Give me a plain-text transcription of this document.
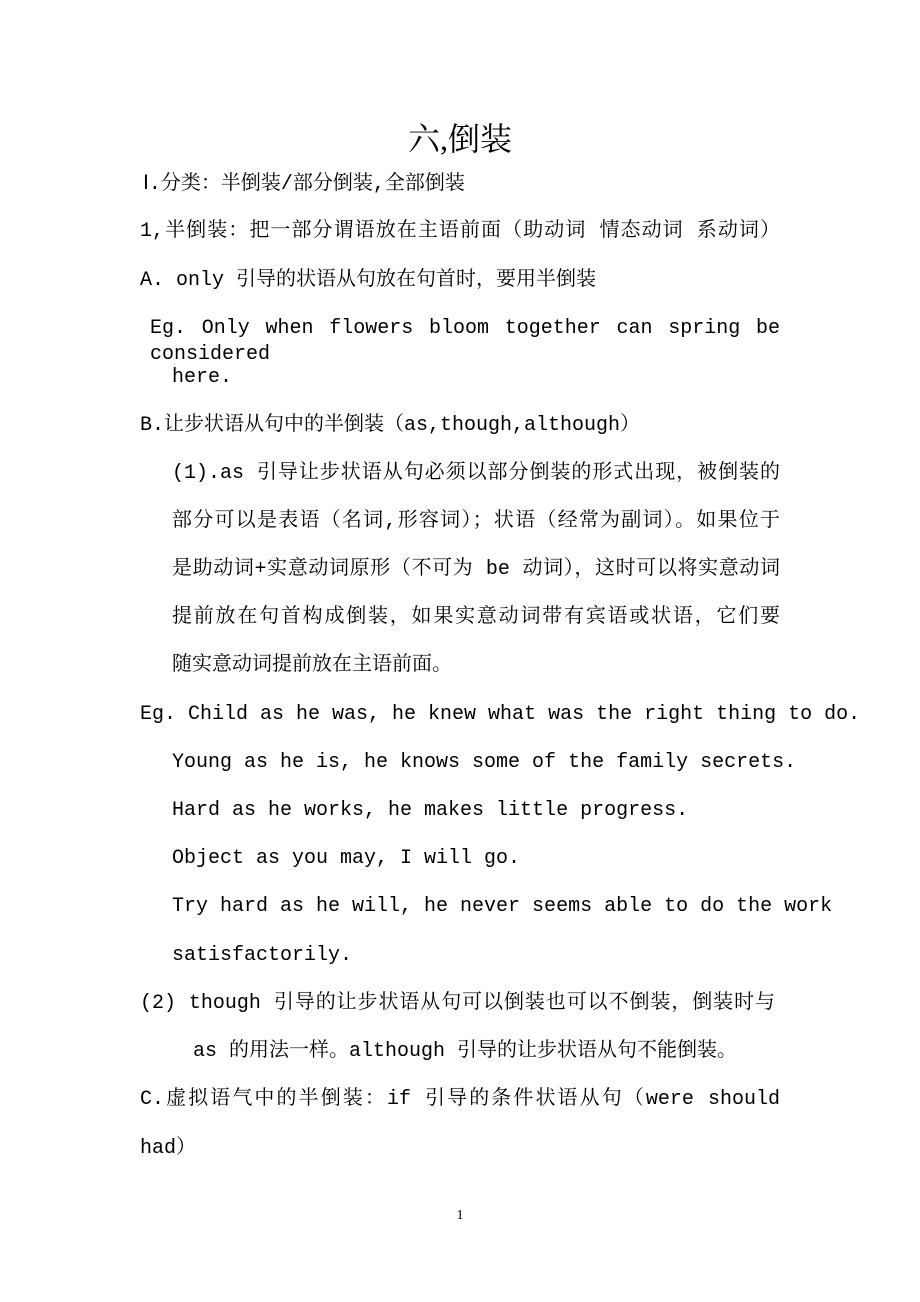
六,倒装
Ⅰ.分类：半倒装/部分倒装,全部倒装
1,半倒装：把一部分谓语放在主语前面（助动词 情态动词 系动词）
A. only 引导的状语从句放在句首时，要用半倒装
Eg. Only when flowers bloom together can spring be considered
here.
B.让步状语从句中的半倒装（as,though,although）
(1).as 引导让步状语从句必须以部分倒装的形式出现，被倒装的
部分可以是表语（名词,形容词）；状语（经常为副词）。如果位于
是助动词+实意动词原形（不可为 be 动词），这时可以将实意动词
提前放在句首构成倒装，如果实意动词带有宾语或状语，它们要
随实意动词提前放在主语前面。
Eg. Child as he was, he knew what was the right thing to do.
Young as he is, he knows some of the family secrets.
Hard as he works, he makes little progress.
Object as you may, I will go.
Try hard as he will, he never seems able to do the work
satisfactorily.
(2) though 引导的让步状语从句可以倒装也可以不倒装，倒装时与
as 的用法一样。although 引导的让步状语从句不能倒装。
C.虚拟语气中的半倒装：if 引导的条件状语从句（were should
had）
1
